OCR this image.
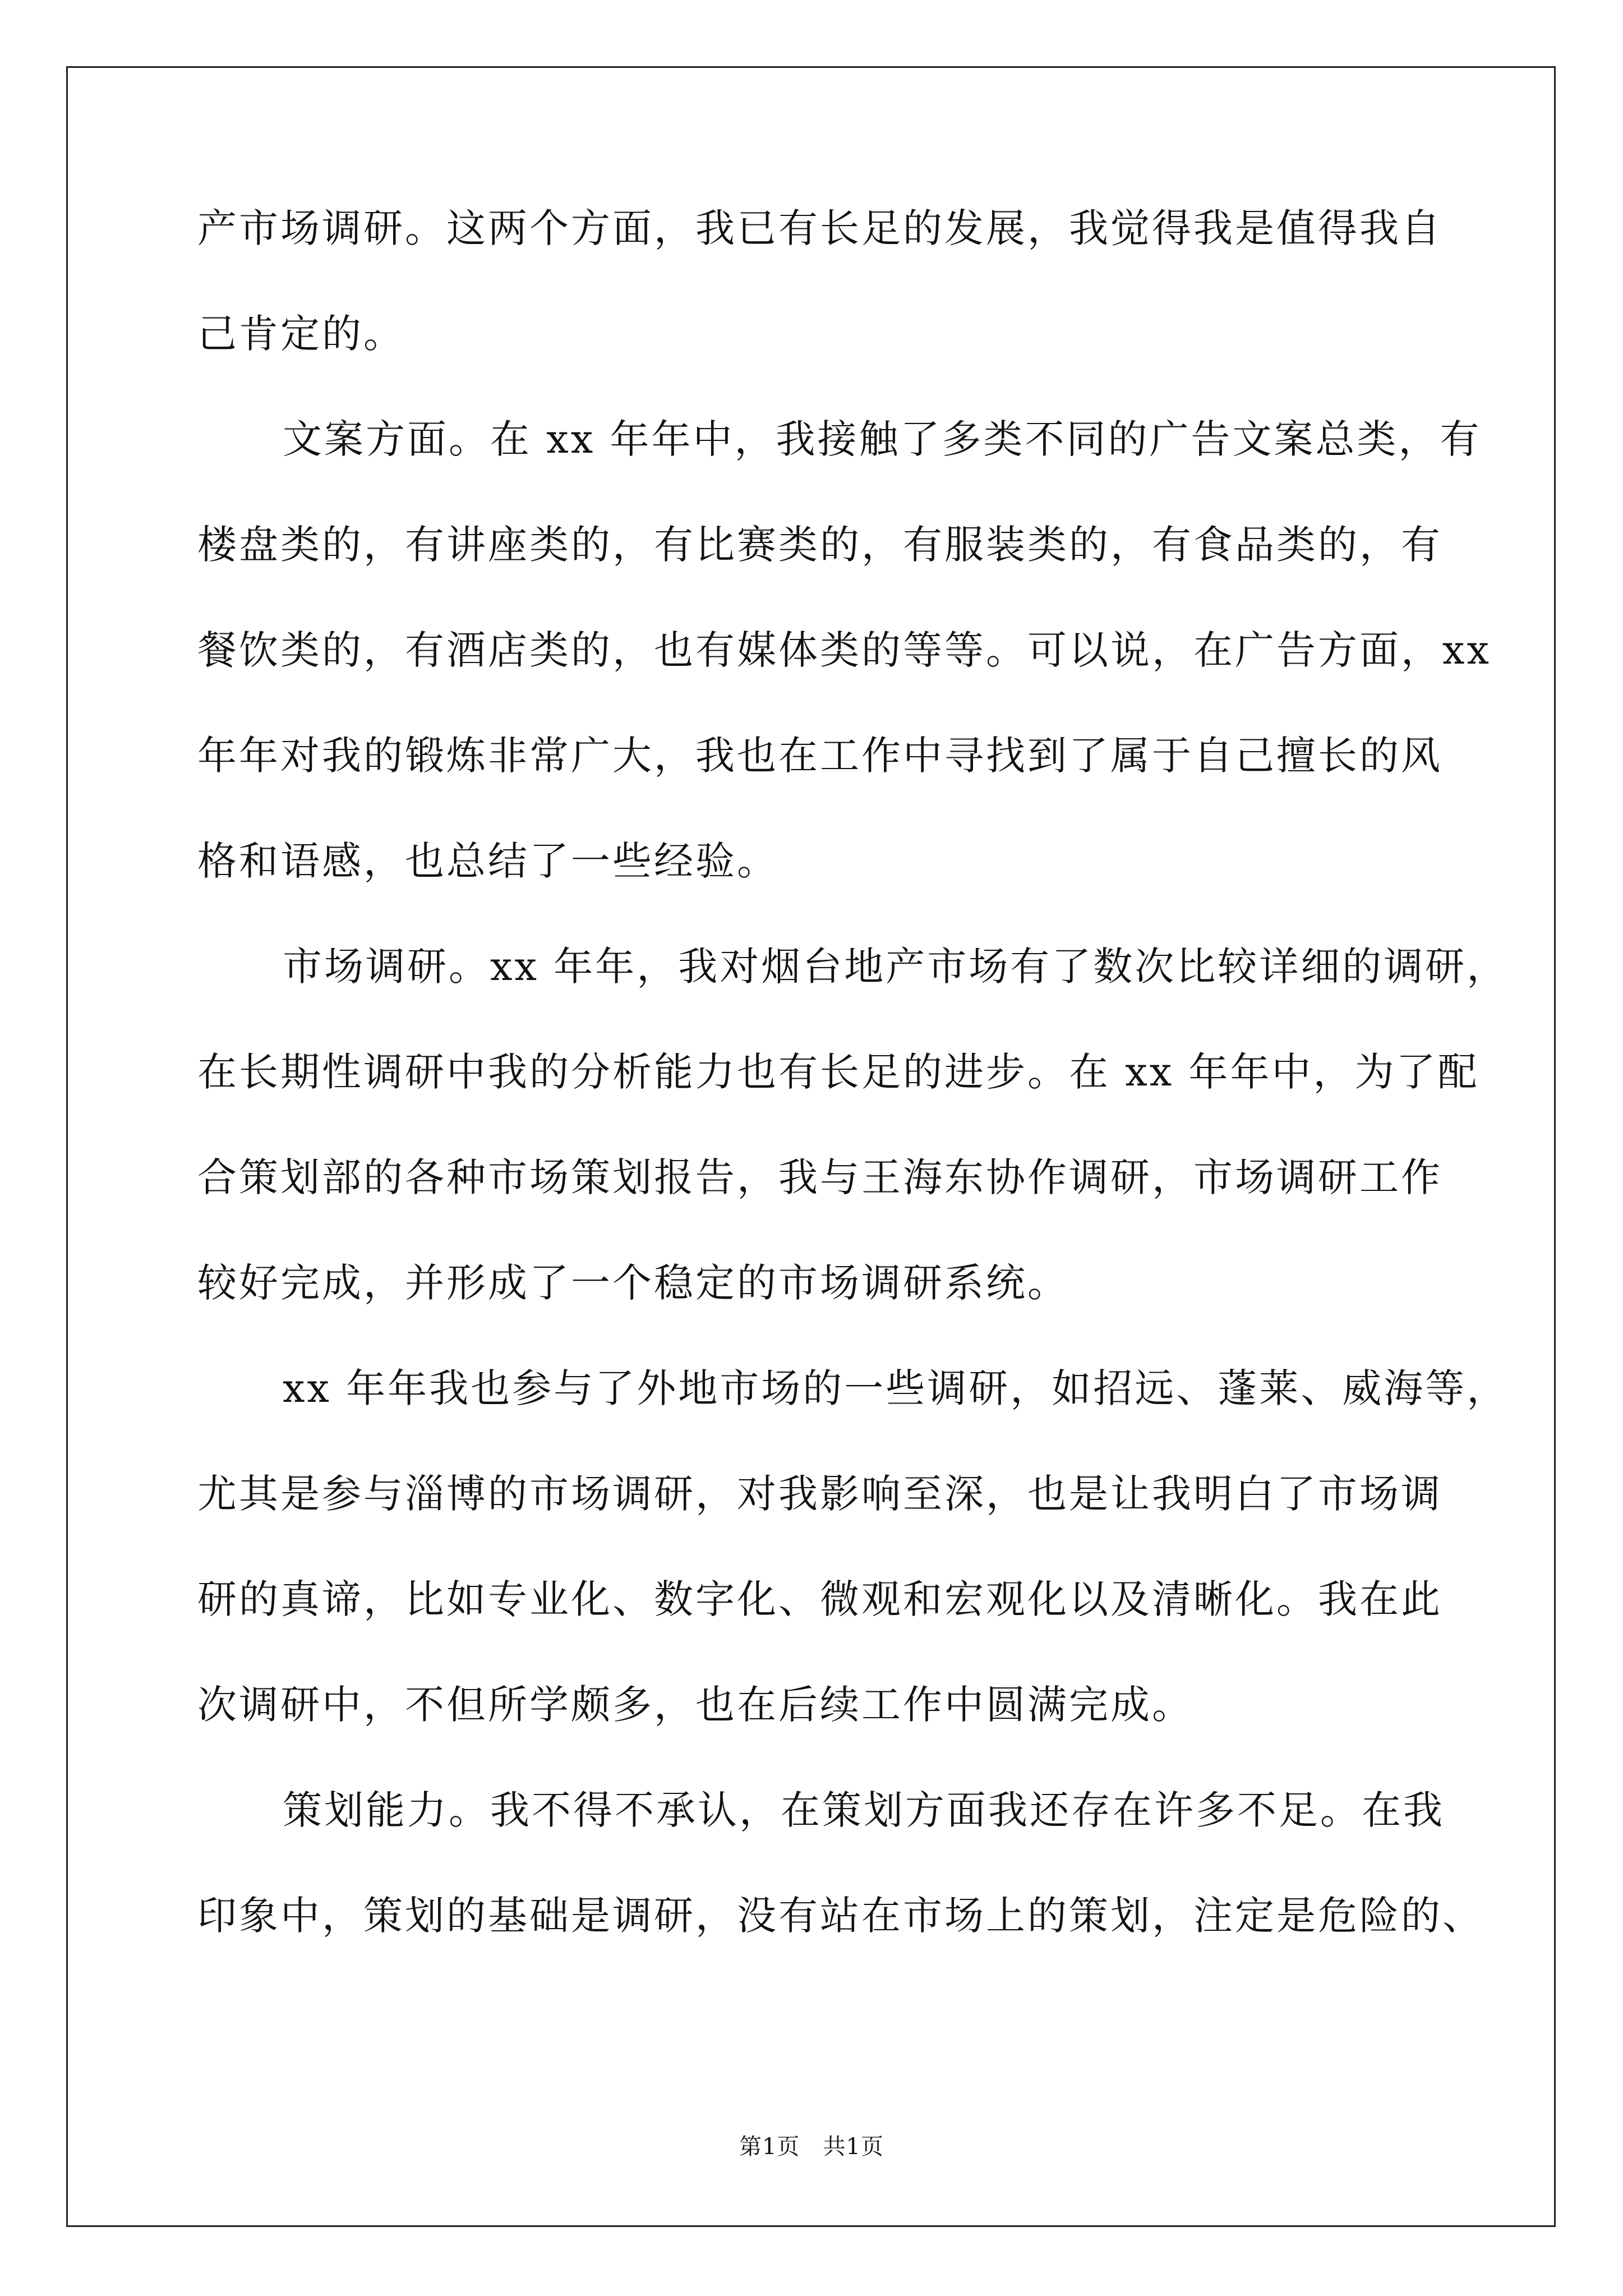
产市场调研。这两个方面，我已有长足的发展，我觉得我是值得我自
己肯定的。
文案方面。在 xx 年年中，我接触了多类不同的广告文案总类，有
楼盘类的，有讲座类的，有比赛类的，有服装类的，有食品类的，有
餐饮类的，有酒店类的，也有媒体类的等等。可以说，在广告方面，xx
年年对我的锻炼非常广大，我也在工作中寻找到了属于自己擅长的风
格和语感，也总结了一些经验。
市场调研。xx 年年，我对烟台地产市场有了数次比较详细的调研，
在长期性调研中我的分析能力也有长足的进步。在 xx 年年中，为了配
合策划部的各种市场策划报告，我与王海东协作调研，市场调研工作
较好完成，并形成了一个稳定的市场调研系统。
xx 年年我也参与了外地市场的一些调研，如招远、蓬莱、威海等，
尤其是参与淄博的市场调研，对我影响至深，也是让我明白了市场调
研的真谛，比如专业化、数字化、微观和宏观化以及清晰化。我在此
次调研中，不但所学颇多，也在后续工作中圆满完成。
策划能力。我不得不承认，在策划方面我还存在许多不足。在我
印象中，策划的基础是调研，没有站在市场上的策划，注定是危险的、
第1页   共1页
